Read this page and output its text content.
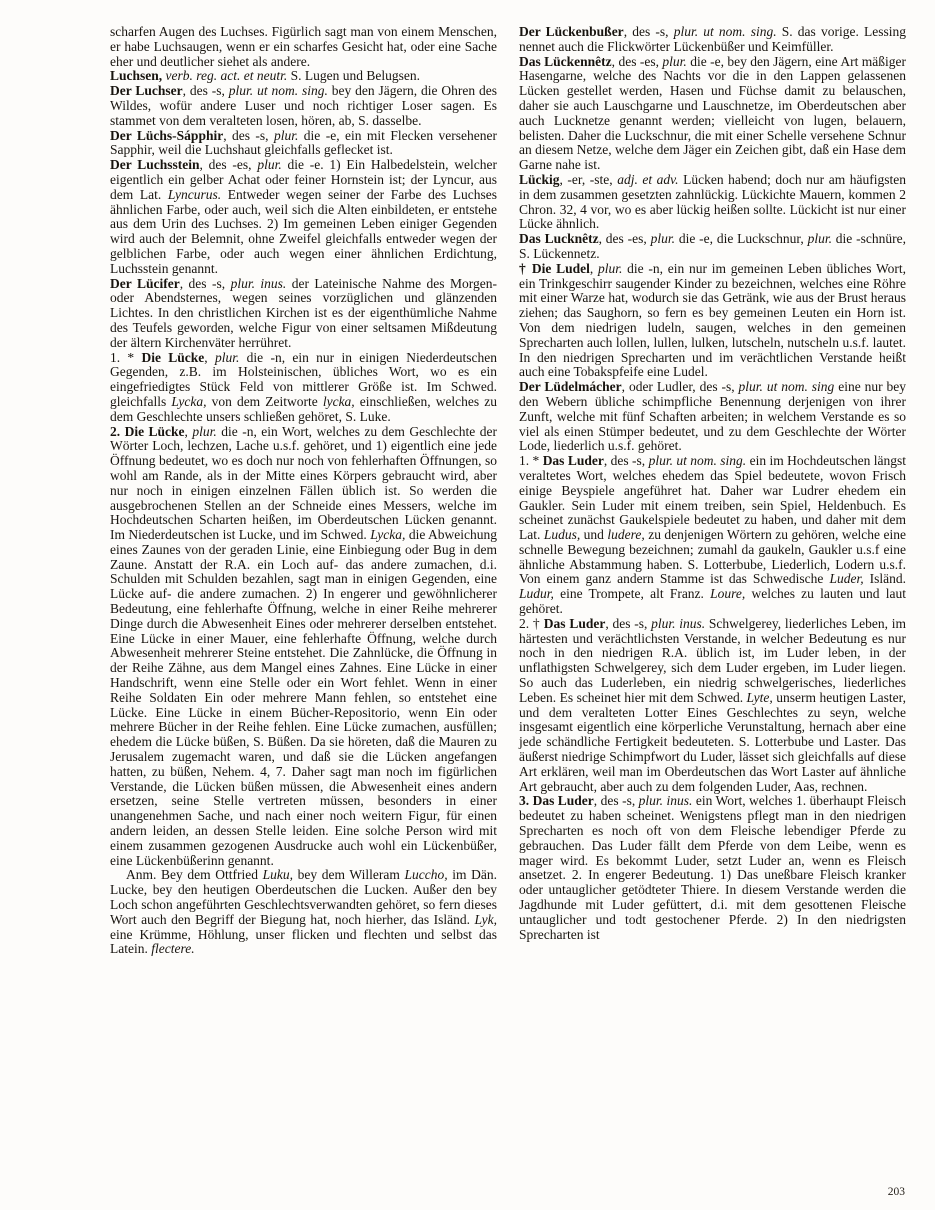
scharfen Augen des Luchses. Figürlich sagt man von einem Menschen, er habe Luchsaugen, wenn er ein scharfes Gesicht hat, oder eine Sache eher und deutlicher siehet als andere.

Luchsen, verb. reg. act. et neutr. S. Lugen und Belugsen.

Der Luchser, des -s, plur. ut nom. sing. bey den Jägern, die Ohren des Wildes, wofür andere Luser und noch richtiger Loser sagen. Es stammet von dem veralteten losen, hören, ab, S. dasselbe.

Der Lüchs-Sápphir, des -s, plur. die -e, ein mit Flecken versehener Sapphir, weil die Luchshaut gleichfalls geflecket ist.

Der Luchsstein, des -es, plur. die -e. 1) Ein Halbedelstein, welcher eigentlich ein gelber Achat oder feiner Hornstein ist; der Lyncur, aus dem Lat. Lyncurus. Entweder wegen seiner der Farbe des Luchses ähnlichen Farbe, oder auch, weil sich die Alten einbildeten, er entstehe aus dem Urin des Luchses. 2) Im gemeinen Leben einiger Gegenden wird auch der Belemnit, ohne Zweifel gleichfalls entweder wegen der gelblichen Farbe, oder auch wegen einer ähnlichen Erdichtung, Luchsstein genannt.

Der Lücifer, des -s, plur. inus. der Lateinische Nahme des Morgen- oder Abendsternes, wegen seines vorzüglichen und glänzenden Lichtes. In den christlichen Kirchen ist es der eigenthümliche Nahme des Teufels geworden, welche Figur von einer seltsamen Mißdeutung der ältern Kirchenväter herrühret.

1. * Die Lücke, plur. die -n, ein nur in einigen Niederdeutschen Gegenden, z.B. im Holsteinischen, übliches Wort, wo es ein eingefriedigtes Stück Feld von mittlerer Größe ist. Im Schwed. gleichfalls Lycka, von dem Zeitworte lycka, einschließen, welches zu dem Geschlechte unsers schließen gehöret, S. Luke.

2. Die Lücke, plur. die -n, ein Wort, welches zu dem Geschlechte der Wörter Loch, lechzen, Lache u.s.f. gehöret, und 1) eigentlich eine jede Öffnung bedeutet, wo es doch nur noch von fehlerhaften Öffnungen, so wohl am Rande, als in der Mitte eines Körpers gebraucht wird, aber nur noch in einigen einzelnen Fällen üblich ist. So werden die ausgebrochenen Stellen an der Schneide eines Messers, welche im Hochdeutschen Scharten heißen, im Oberdeutschen Lücken genannt. Im Niederdeutschen ist Lucke, und im Schwed. Lycka, die Abweichung eines Zaunes von der geraden Linie, eine Einbiegung oder Bug in dem Zaune. Anstatt der R.A. ein Loch auf- das andere zumachen, d.i. Schulden mit Schulden bezahlen, sagt man in einigen Gegenden, eine Lücke auf- die andere zumachen. 2) In engerer und gewöhnlicherer Bedeutung, eine fehlerhafte Öffnung, welche in einer Reihe mehrerer Dinge durch die Abwesenheit Eines oder mehrerer derselben entstehet. Eine Lücke in einer Mauer, eine fehlerhafte Öffnung, welche durch Abwesenheit mehrerer Steine entstehet. Die Zahnlücke, die Öffnung in der Reihe Zähne, aus dem Mangel eines Zahnes. Eine Lücke in einer Handschrift, wenn eine Stelle oder ein Wort fehlet. Wenn in einer Reihe Soldaten Ein oder mehrere Mann fehlen, so entstehet eine Lücke. Eine Lücke in einem Bücher-Repositorio, wenn Ein oder mehrere Bücher in der Reihe fehlen. Eine Lücke zumachen, ausfüllen; ehedem die Lücke büßen, S. Büßen. Da sie höreten, daß die Mauren zu Jerusalem zugemacht waren, und daß sie die Lücken angefangen hatten, zu büßen, Nehem. 4, 7. Daher sagt man noch im figürlichen Verstande, die Lücken büßen müssen, die Abwesenheit eines andern ersetzen, seine Stelle vertreten müssen, besonders in einer unangenehmen Sache, und nach einer noch weitern Figur, für einen andern leiden, an dessen Stelle leiden. Eine solche Person wird mit einem zusammen gezogenen Ausdrucke auch wohl ein Lückenbüßer, eine Lückenbüßerinn genannt.

Anm. Bey dem Ottfried Luku, bey dem Willeram Luccho, im Dän. Lucke, bey den heutigen Oberdeutschen die Lucken. Außer den bey Loch schon angeführten Geschlechtsverwandten gehöret, so fern dieses Wort auch den Begriff der Biegung hat, noch hierher, das Isländ. Lyk, eine Krümme, Höhlung, unser flicken und flechten und selbst das Latein. flectere.

Der Lückenbußer, des -s, plur. ut nom. sing. S. das vorige. Lessing nennet auch die Flickwörter Lückenbüßer und Keimfüller.

Das Lückennêtz, des -es, plur. die -e, bey den Jägern, eine Art mäßiger Hasengarne, welche des Nachts vor die in den Lappen gelassenen Lücken gestellet werden, Hasen und Füchse damit zu belauschen, daher sie auch Lauschgarne und Lauschnetze, im Oberdeutschen aber auch Lucknetze genannt werden; vielleicht von lugen, belauern, belisten. Daher die Luckschnur, die mit einer Schelle versehene Schnur an diesem Netze, welche dem Jäger ein Zeichen gibt, daß ein Hase dem Garne nahe ist.

Lückig, -er, -ste, adj. et adv. Lücken habend; doch nur am häufigsten in dem zusammen gesetzten zahnlückig. Lückichte Mauern, kommen 2 Chron. 32, 4 vor, wo es aber lückig heißen sollte. Lückicht ist nur einer Lücke ähnlich.

Das Lucknêtz, des -es, plur. die -e, die Luckschnur, plur. die -schnüre, S. Lückennetz.

† Die Ludel, plur. die -n, ein nur im gemeinen Leben übliches Wort, ein Trinkgeschirr saugender Kinder zu bezeichnen, welches eine Röhre mit einer Warze hat, wodurch sie das Getränk, wie aus der Brust heraus ziehen; das Saughorn, so fern es bey gemeinen Leuten ein Horn ist. Von dem niedrigen ludeln, saugen, welches in den gemeinen Sprecharten auch lollen, lullen, lulken, lutscheln, nutscheln u.s.f. lautet. In den niedrigen Sprecharten und im verächtlichen Verstande heißt auch eine Tobakspfeife eine Ludel.

Der Lüdelmácher, oder Ludler, des -s, plur. ut nom. sing eine nur bey den Webern übliche schimpfliche Benennung derjenigen von ihrer Zunft, welche mit fünf Schaften arbeiten; in welchem Verstande es so viel als einen Stümper bedeutet, und zu dem Geschlechte der Wörter Lode, liederlich u.s.f. gehöret.

1. * Das Luder, des -s, plur. ut nom. sing. ein im Hochdeutschen längst veraltetes Wort, welches ehedem das Spiel bedeutete, wovon Frisch einige Beyspiele angeführet hat. Daher war Ludrer ehedem ein Gaukler. Sein Luder mit einem treiben, sein Spiel, Heldenbuch. Es scheinet zunächst Gaukelspiele bedeutet zu haben, und daher mit dem Lat. Ludus, und ludere, zu denjenigen Wörtern zu gehören, welche eine schnelle Bewegung bezeichnen; zumahl da gaukeln, Gaukler u.s.f eine ähnliche Abstammung haben. S. Lotterbube, Liederlich, Lodern u.s.f. Von einem ganz andern Stamme ist das Schwedische Luder, Isländ. Ludur, eine Trompete, alt Franz. Loure, welches zu lauten und laut gehöret.

2. † Das Luder, des -s, plur. inus. Schwelgerey, liederliches Leben, im härtesten und verächtlichsten Verstande, in welcher Bedeutung es nur noch in den niedrigen R.A. üblich ist, im Luder leben, in der unflathigsten Schwelgerey, sich dem Luder ergeben, im Luder liegen. So auch das Luderleben, ein niedrig schwelgerisches, liederliches Leben. Es scheinet hier mit dem Schwed. Lyte, unserm heutigen Laster, und dem veralteten Lotter Eines Geschlechtes zu seyn, welche insgesamt eigentlich eine körperliche Verunstaltung, hernach aber eine jede schändliche Fertigkeit bedeuteten. S. Lotterbube und Laster. Das äußerst niedrige Schimpfwort du Luder, lässet sich gleichfalls auf diese Art erklären, weil man im Oberdeutschen das Wort Laster auf ähnliche Art gebraucht, aber auch zu dem folgenden Luder, Aas, rechnen.

3. Das Luder, des -s, plur. inus. ein Wort, welches 1. überhaupt Fleisch bedeutet zu haben scheinet. Wenigstens pflegt man in den niedrigen Sprecharten es noch oft von dem Fleische lebendiger Pferde zu gebrauchen. Das Luder fällt dem Pferde von dem Leibe, wenn es mager wird. Es bekommt Luder, setzt Luder an, wenn es Fleisch ansetzet. 2. In engerer Bedeutung. 1) Das uneßbare Fleisch kranker oder untauglicher getödteter Thiere. In diesem Verstande werden die Jagdhunde mit Luder gefüttert, d.i. mit dem gesottenen Fleische untauglicher und todt gestochener Pferde. 2) In den niedrigsten Sprecharten ist

203
